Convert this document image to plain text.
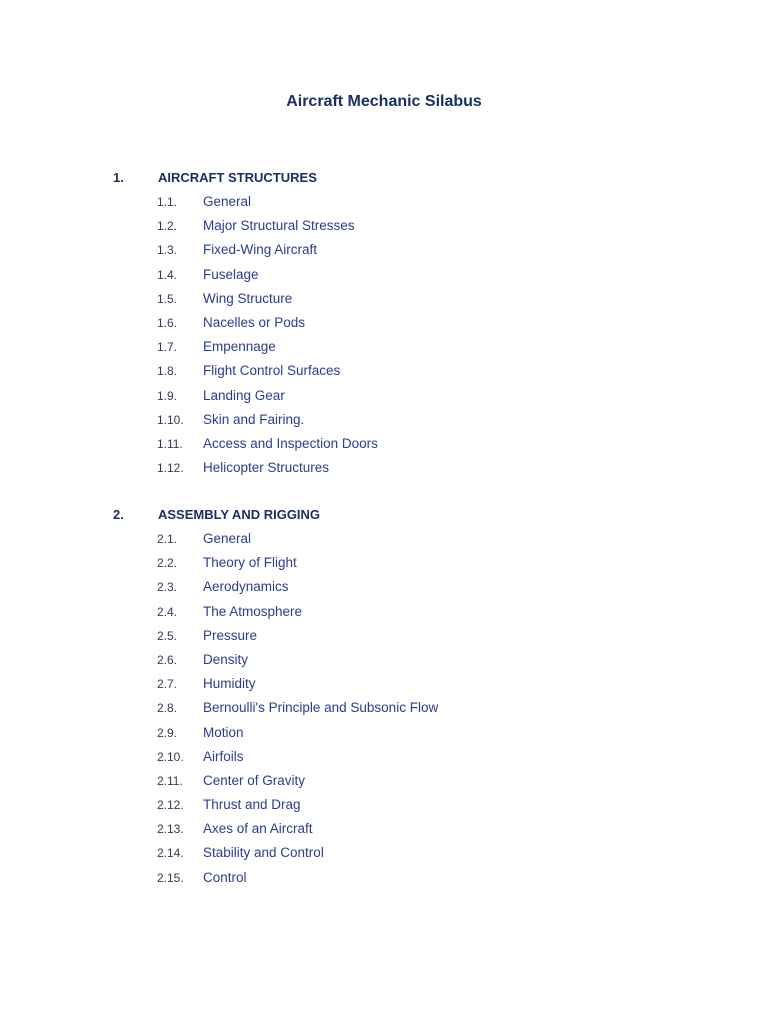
Aircraft Mechanic Silabus
1.	AIRCRAFT STRUCTURES
1.1. General
1.2. Major Structural Stresses
1.3. Fixed-Wing Aircraft
1.4. Fuselage
1.5. Wing Structure
1.6. Nacelles or Pods
1.7. Empennage
1.8. Flight Control Surfaces
1.9. Landing Gear
1.10. Skin and Fairing.
1.11. Access and Inspection Doors
1.12. Helicopter Structures
2.	ASSEMBLY AND RIGGING
2.1. General
2.2. Theory of Flight
2.3. Aerodynamics
2.4. The Atmosphere
2.5. Pressure
2.6. Density
2.7. Humidity
2.8. Bernoulli's Principle and Subsonic Flow
2.9. Motion
2.10. Airfoils
2.11. Center of Gravity
2.12. Thrust and Drag
2.13. Axes of an Aircraft
2.14. Stability and Control
2.15. Control
